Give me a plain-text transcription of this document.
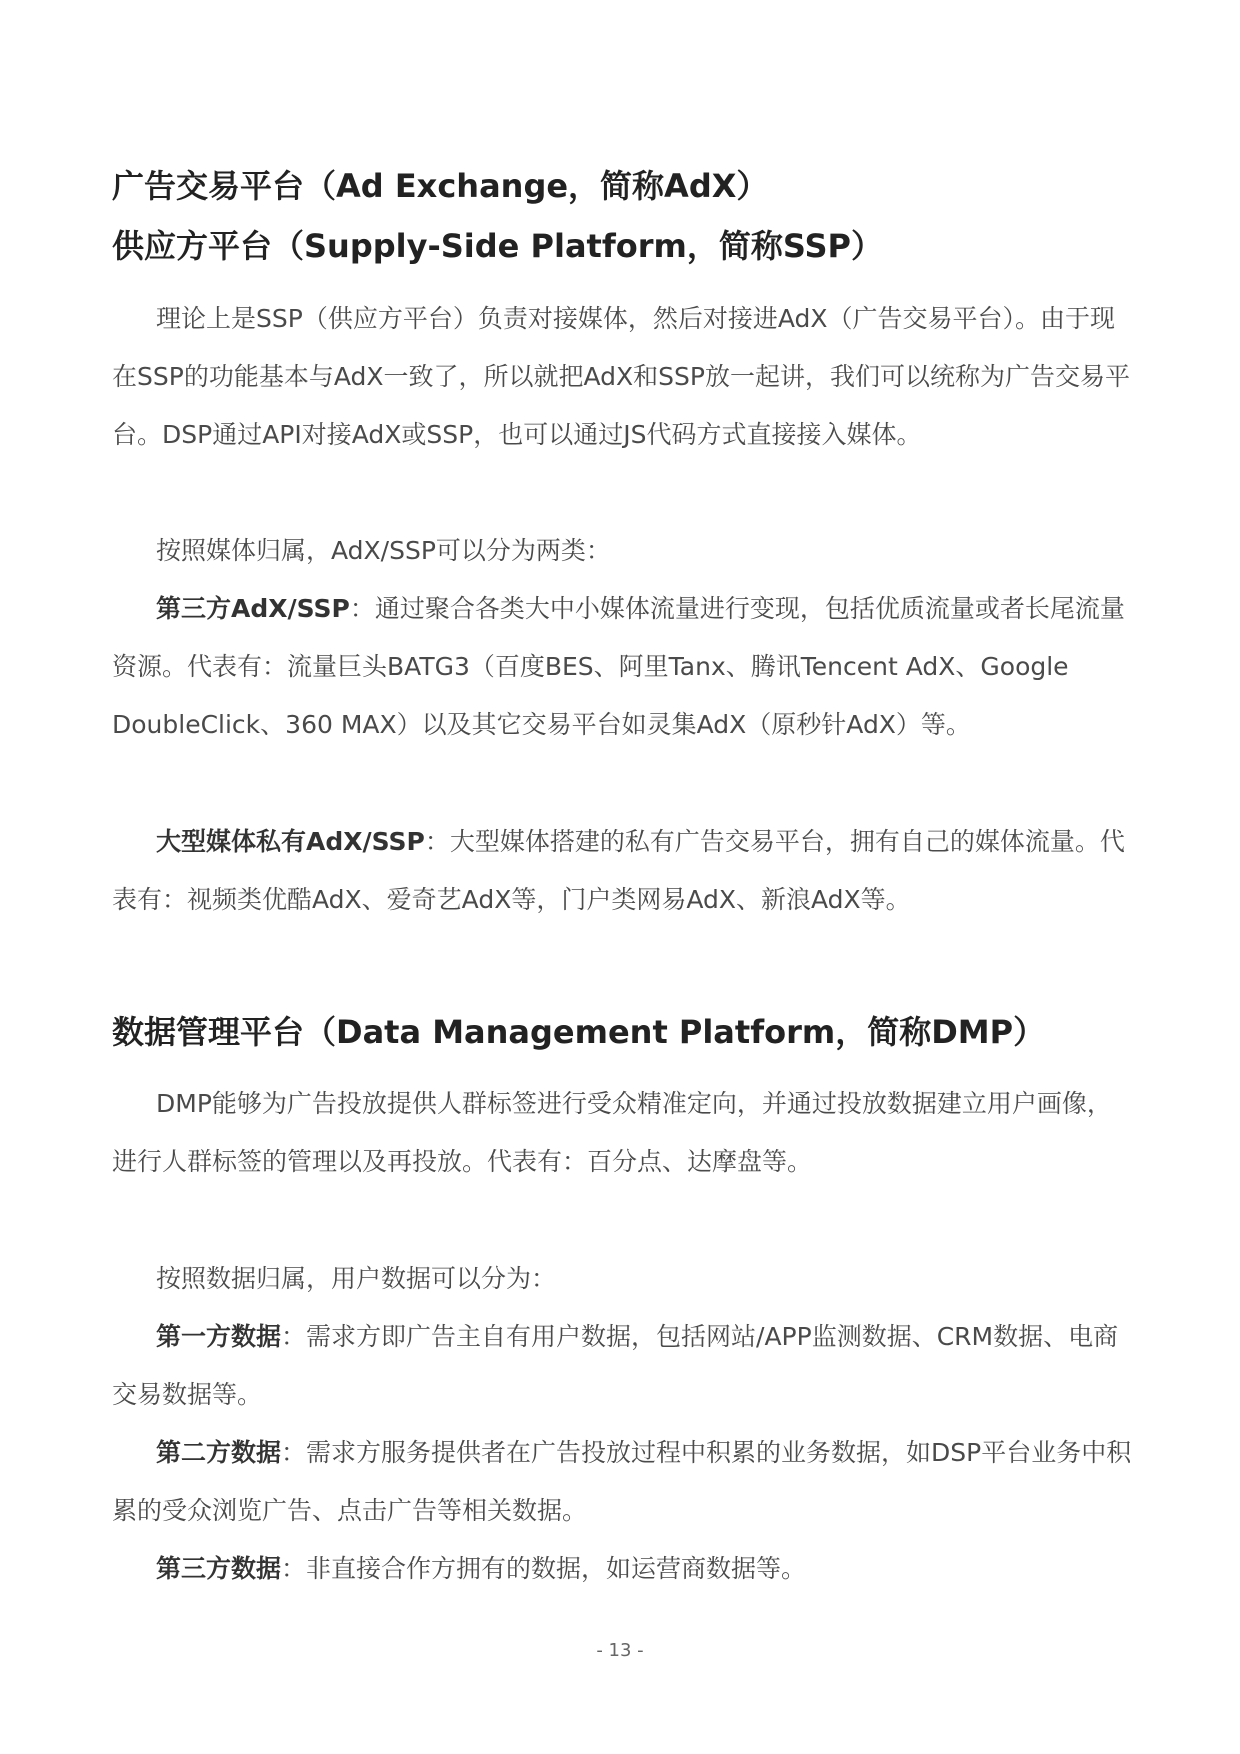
广告交易平台（Ad Exchange，简称AdX）
供应方平台（Supply-Side Platform，简称SSP）

理论上是SSP（供应方平台）负责对接媒体，然后对接进AdX（广告交易平台）。由于现在SSP的功能基本与AdX一致了，所以就把AdX和SSP放一起讲，我们可以统称为广告交易平台。DSP通过API对接AdX或SSP，也可以通过JS代码方式直接接入媒体。

按照媒体归属，AdX/SSP可以分为两类：

第三方AdX/SSP：通过聚合各类大中小媒体流量进行变现，包括优质流量或者长尾流量资源。代表有：流量巨头BATG3（百度BES、阿里Tanx、腾讯Tencent AdX、Google DoubleClick、360 MAX）以及其它交易平台如灵集AdX（原秒针AdX）等。

大型媒体私有AdX/SSP：大型媒体搭建的私有广告交易平台，拥有自己的媒体流量。代表有：视频类优酷AdX、爱奇艺AdX等，门户类网易AdX、新浪AdX等。

数据管理平台（Data Management Platform，简称DMP）

DMP能够为广告投放提供人群标签进行受众精准定向，并通过投放数据建立用户画像，进行人群标签的管理以及再投放。代表有：百分点、达摩盘等。

按照数据归属，用户数据可以分为：

第一方数据：需求方即广告主自有用户数据，包括网站/APP监测数据、CRM数据、电商交易数据等。

第二方数据：需求方服务提供者在广告投放过程中积累的业务数据，如DSP平台业务中积累的受众浏览广告、点击广告等相关数据。

第三方数据：非直接合作方拥有的数据，如运营商数据等。

- 13 -
